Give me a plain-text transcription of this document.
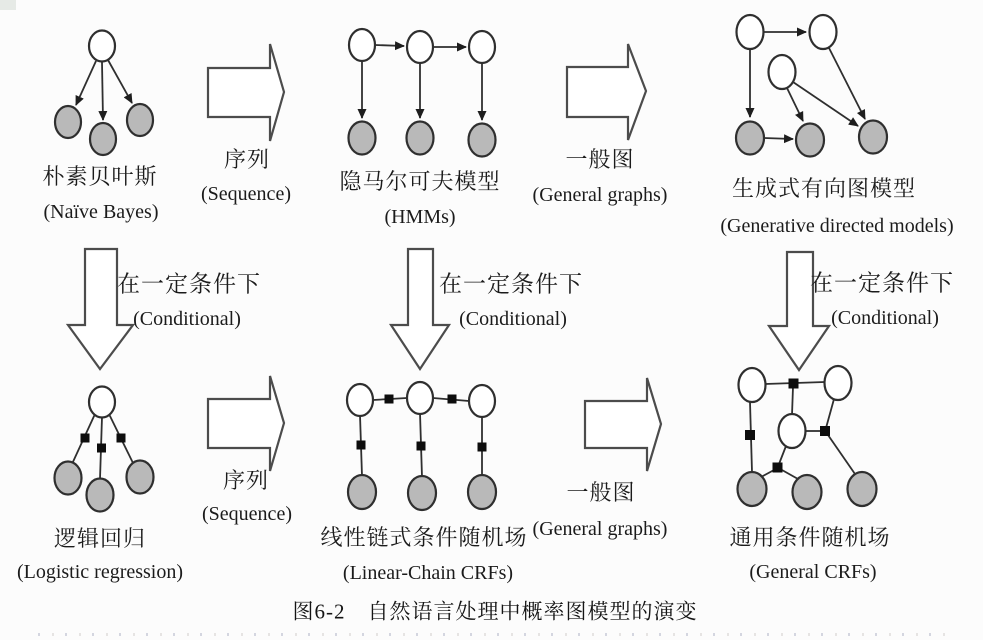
朴素贝叶斯
(Naïve Bayes)
序列
(Sequence)
隐马尔可夫模型
(HMMs)
一般图
(General graphs)	生成式有向图模型
(Generative directed models)
在一定条件下
(Conditional)
在一定条件下
(Conditional)
在一定条件下
(Conditional)
逻辑回归
(Logistic regression)
序列
(Sequence)
线性链式条件随机场
(Linear-Chain CRFs)
一般图
(General graphs)	通用条件随机场
(General CRFs)
图6-2　自然语言处理中概率图模型的演变
